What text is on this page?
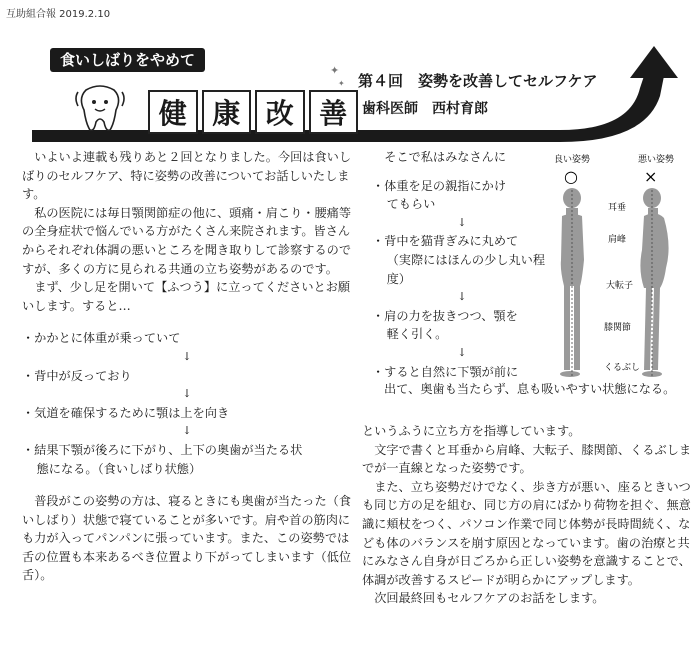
互助組合報 2019.2.10
✦
✦
食いしばりをやめて
健 康 改 善
第４回　姿勢を改善してセルフケア
歯科医師　西村育郎

いよいよ連載も残りあと２回となりました。今回は食いしばりのセルフケア、特に姿勢の改善についてお話しいたします。

私の医院には毎日顎関節症の他に、頭痛・肩こり・腰痛等の全身症状で悩んでいる方がたくさん来院されます。皆さんからそれぞれ体調の悪いところを聞き取りして診察するのですが、多くの方に見られる共通の立ち姿勢があるのです。

まず、少し足を開いて【ふつう】に立ってくださいとお願いします。すると…

・かかとに体重が乗っていて

↓

・背中が反っており

↓

・気道を確保するために顎は上を向き

↓

・結果下顎が後ろに下がり、上下の奥歯が当たる状

態になる。（食いしばり状態）

普段がこの姿勢の方は、寝るときにも奥歯が当たった（食いしばり）状態で寝ていることが多いです。肩や首の筋肉にも力が入ってパンパンに張っています。また、この姿勢では舌の位置も本来あるべき位置より下がってしまいます（低位舌）。

そこで私はみなさんに

・体重を足の親指にかけ

てもらい

↓

・背中を猫背ぎみに丸めて

（実際にはほんの少し丸い程度）

↓

・肩の力を抜きつつ、顎を

軽く引く。

↓

・すると自然に下顎が前に

出て、奥歯も当たらず、息も吸いやすい状態になる。

というふうに立ち方を指導しています。

文字で書くと耳垂から肩峰、大転子、膝関節、くるぶしまでが一直線となった姿勢です。

また、立ち姿勢だけでなく、歩き方が悪い、座るときいつも同じ方の足を組む、同じ方の肩にばかり荷物を担ぐ、無意識に頬杖をつく、パソコン作業で同じ体勢が長時間続く、なども体のバランスを崩す原因となっています。歯の治療と共にみなさん自身が日ごろから正しい姿勢を意識することで、体調が改善するスピードが明らかにアップします。

次回最終回もセルフケアのお話をします。

良い姿勢	悪い姿勢
○	×
耳垂
肩峰
大転子
膝関節
くるぶし
